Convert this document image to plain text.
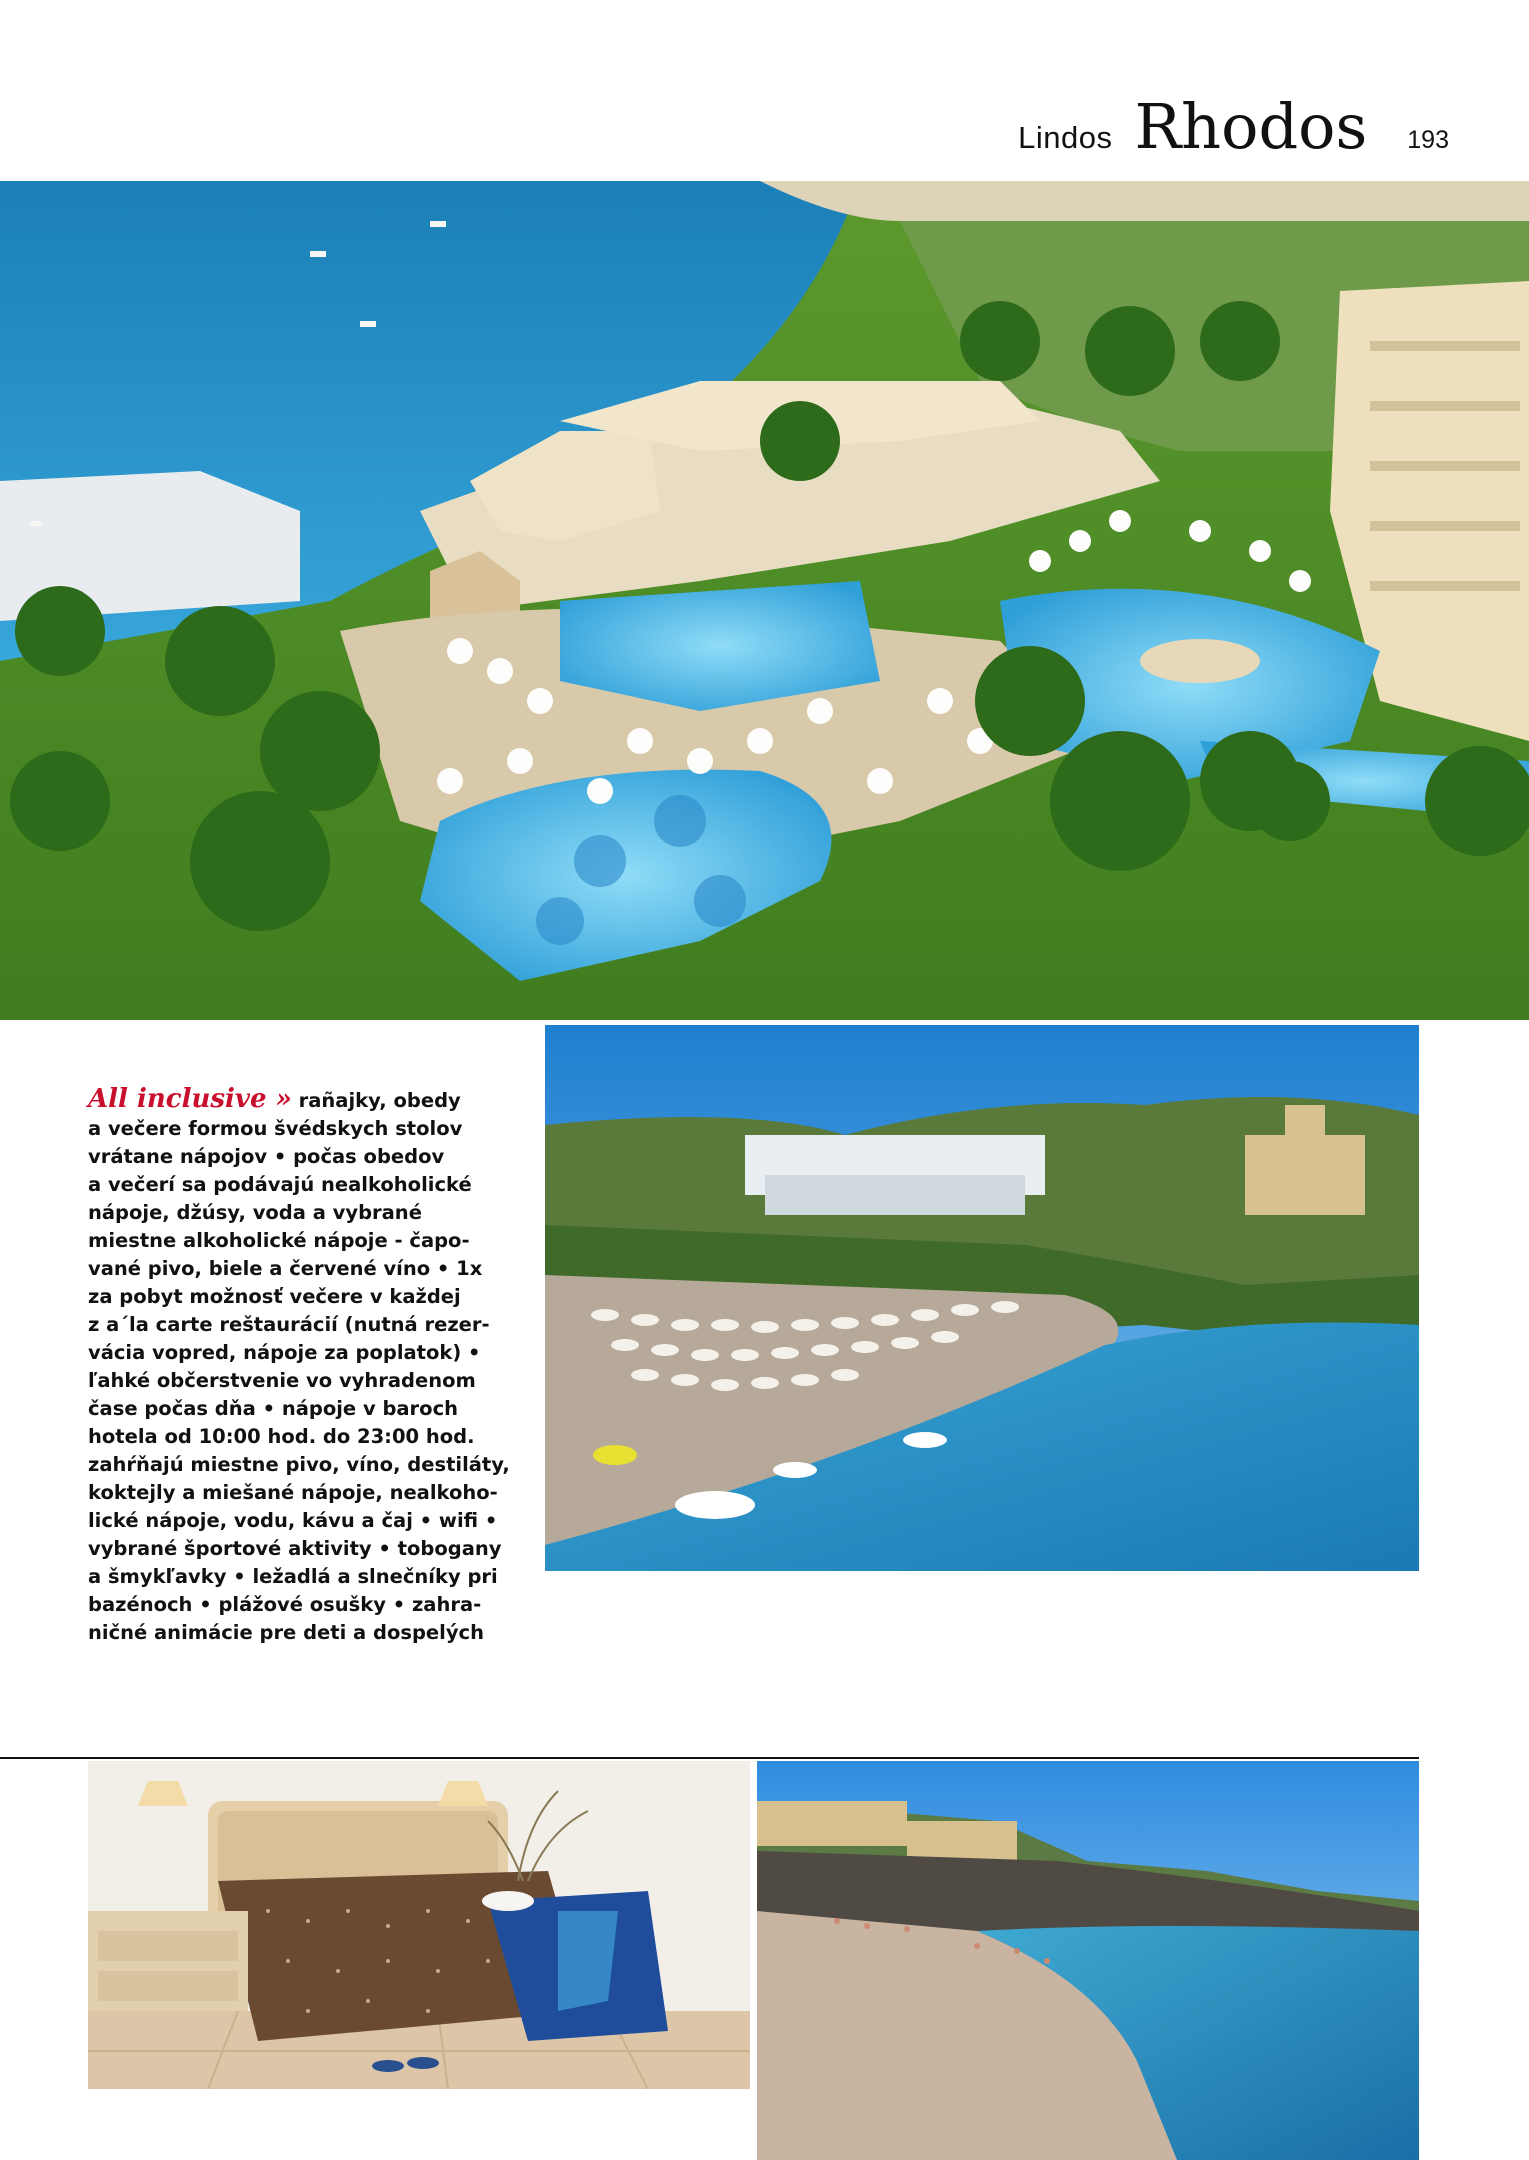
Lindos Rhodos 193
All inclusive » rañajky, obedy
a večere formou švédskych stolov
vrátane nápojov • počas obedov
a večerí sa podávajú nealkoholické
nápoje, džúsy, voda a vybrané
miestne alkoholické nápoje - čapo-
vané pivo, biele a červené víno • 1x
za pobyt možnosť večere v každej
z a´la carte reštaurácií (nutná rezer-
vácia vopred, nápoje za poplatok) •
ľahké občerstvenie vo vyhradenom
čase počas dňa • nápoje v baroch
hotela od 10:00 hod. do 23:00 hod.
zahŕňajú miestne pivo, víno, destiláty,
koktejly a miešané nápoje, nealkoho-
lické nápoje, vodu, kávu a čaj • wifi •
vybrané športové aktivity • tobogany
a šmykľavky • ležadlá a slnečníky pri
bazénoch • plážové osušky • zahra-
ničné animácie pre deti a dospelých
